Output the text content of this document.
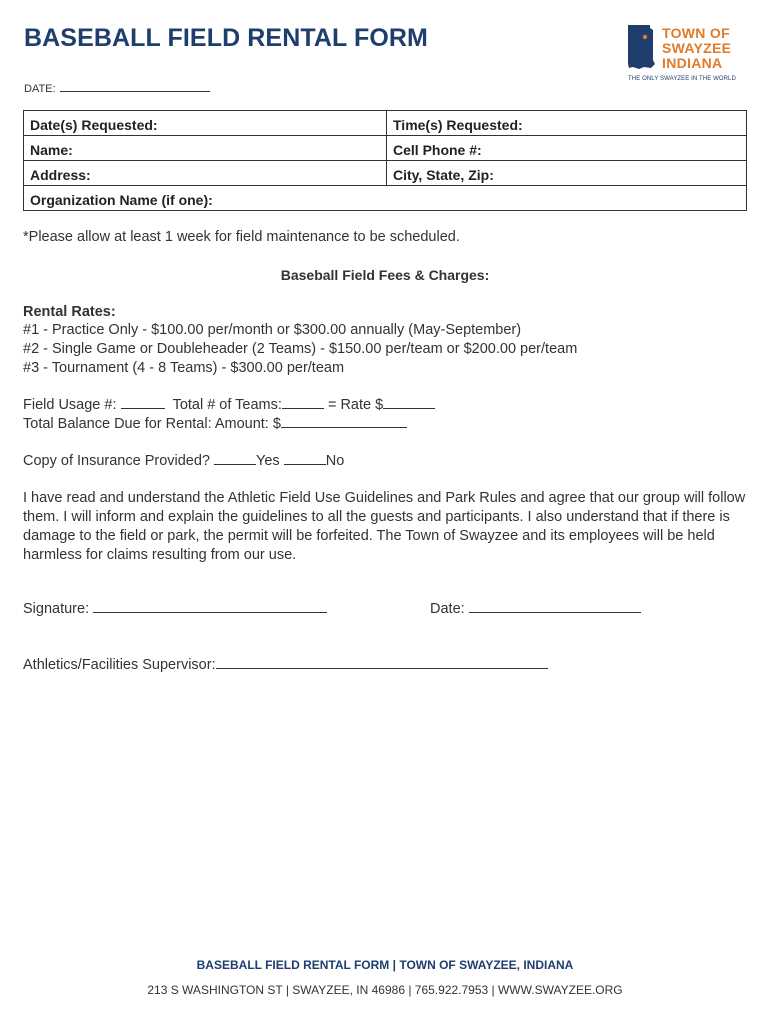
BASEBALL FIELD RENTAL FORM
DATE:
TOWN OF
SWAYZEE
INDIANA
THE ONLY SWAYZEE IN THE WORLD
Date(s) Requested:	Time(s) Requested:
Name:	Cell Phone #:
Address:	City, State, Zip:
Organization Name (if one):	
*Please allow at least 1 week for field maintenance to be scheduled.
Baseball Field Fees & Charges:
Rental Rates:
#1 - Practice Only - $100.00 per/month or $300.00 annually (May-September)
#2 - Single Game or Doubleheader (2 Teams) - $150.00 per/team or $200.00 per/team
#3 - Tournament (4 - 8 Teams) - $300.00 per/team
Field Usage #:	Total # of Teams:	= Rate $
Total Balance Due for Rental: Amount: $
Copy of Insurance Provided?	Yes	No
I have read and understand the Athletic Field Use Guidelines and Park Rules and agree that our group will follow them. I will inform and explain the guidelines to all the guests and participants. I also understand that if there is damage to the field or park, the permit will be forfeited. The Town of Swayzee and its employees will be held harmless for claims resulting from our use.
Signature:	Date:
Athletics/Facilities Supervisor:
BASEBALL FIELD RENTAL FORM | TOWN OF SWAYZEE, INDIANA
213 S WASHINGTON ST | SWAYZEE, IN 46986 | 765.922.7953 | WWW.SWAYZEE.ORG
